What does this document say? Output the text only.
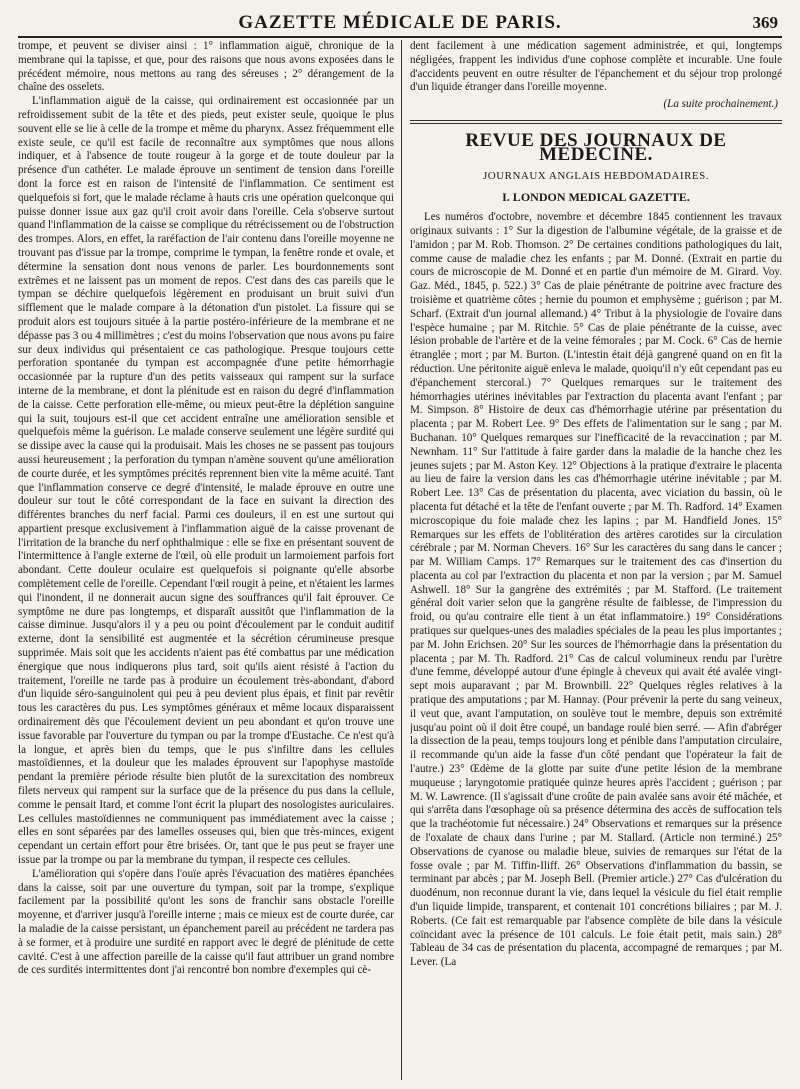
GAZETTE MÉDICALE DE PARIS.	369

trompe, et peuvent se diviser ainsi : 1° inflammation aiguë, chronique de la membrane qui la tapisse, et que, pour des raisons que nous avons exposées dans le précédent mémoire, nous mettons au rang des séreuses ; 2° dérangement de la chaîne des osselets.

L'inflammation aiguë de la caisse, qui ordinairement est occasionnée par un refroidissement subit de la tête et des pieds, peut exister seule, quoique le plus souvent elle se lie à celle de la trompe et même du pharynx. Assez fréquemment elle existe seule, ce qu'il est facile de reconnaître aux symptômes que nous allons indiquer, et à l'absence de toute rougeur à la gorge et de toute douleur par la présence d'un cathéter. Le malade éprouve un sentiment de tension dans l'oreille dont la force est en raison de l'intensité de l'inflammation. Ce sentiment est quelquefois si fort, que le malade réclame à hauts cris une opération quelconque qui puisse donner issue aux gaz qu'il croit avoir dans l'oreille. Cela s'observe surtout quand l'inflammation de la caisse se complique du rétrécissement ou de l'obstruction des trompes. Alors, en effet, la raréfaction de l'air contenu dans l'oreille moyenne ne trouvant pas d'issue par la trompe, comprime le tympan, la fenêtre ronde et ovale, et détermine la sensation dont nous venons de parler. Les bourdonnements sont extrêmes et ne laissent pas un moment de repos. C'est dans des cas pareils que le tympan se déchire quelquefois légèrement en produisant un bruit suivi d'un sifflement que le malade compare à la détonation d'un pistolet. La fissure qui se produit alors est toujours située à la partie postéro-inférieure de la membrane et ne dépasse pas 3 ou 4 millimètres ; c'est du moins l'observation que nous avons pu faire sur deux individus qui présentaient ce cas pathologique. Presque toujours cette perforation spontanée du tympan est accompagnée d'une petite hémorrhagie occasionnée par la rupture d'un des petits vaisseaux qui rampent sur la surface interne de la membrane, et dont la plénitude est en raison du degré d'inflammation de la caisse. Cette perforation elle-même, ou mieux peut-être la déplétion sanguine qui la suit, toujours est-il que cet accident entraîne une amélioration sensible et quelquefois même la guérison. Le malade conserve seulement une légère surdité qui se dissipe avec la cause qui la produisait. Mais les choses ne se passent pas toujours aussi heureusement ; la perforation du tympan n'amène souvent qu'une amélioration de courte durée, et les symptômes précités reprennent bien vite la même acuité. Tant que l'inflammation conserve ce degré d'intensité, le malade éprouve en outre une douleur sur tout le côté correspondant de la face en suivant la direction des différentes branches du nerf facial. Parmi ces douleurs, il en est une surtout qui appartient presque exclusivement à l'inflammation aiguë de la caisse provenant de l'irritation de la branche du nerf ophthalmique : elle se fixe en présentant souvent de l'intermittence à l'angle externe de l'œil, où elle produit un larmoiement parfois fort abondant. Cette douleur oculaire est quelquefois si poignante qu'elle absorbe complètement celle de l'oreille. Cependant l'œil rougit à peine, et n'étaient les larmes qui l'inondent, il ne donnerait aucun signe des souffrances qu'il fait éprouver. Ce symptôme ne dure pas longtemps, et disparaît aussitôt que l'inflammation de la caisse diminue. Jusqu'alors il y a peu ou point d'écoulement par le conduit auditif externe, dont la sensibilité est augmentée et la sécrétion cérumineuse presque supprimée. Mais soit que les accidents n'aient pas été combattus par une médication énergique que nous indiquerons plus tard, soit qu'ils aient résisté à l'action du traitement, l'oreille ne tarde pas à produire un écoulement très-abondant, d'abord d'un liquide séro-sanguinolent qui peu à peu devient plus épais, et finit par revêtir tous les caractères du pus. Les symptômes généraux et même locaux disparaissent ordinairement dès que l'écoulement devient un peu abondant et qu'on trouve une issue favorable par l'ouverture du tympan ou par la trompe d'Eustache. Ce n'est qu'à la longue, et après bien du temps, que le pus s'infiltre dans les cellules mastoïdiennes, et la douleur que les malades éprouvent sur l'apophyse mastoïde pendant la première période résulte bien plutôt de la surexcitation des nombreux filets nerveux qui rampent sur la surface que de la présence du pus dans la cellule, comme le pensait Itard, et comme l'ont écrit la plupart des nosologistes auriculaires. Les cellules mastoïdiennes ne communiquent pas immédiatement avec la caisse ; elles en sont séparées par des lamelles osseuses qui, bien que très-minces, exigent cependant un certain effort pour être brisées. Or, tant que le pus peut se frayer une issue par la trompe ou par la membrane du tympan, il respecte ces cellules.

L'amélioration qui s'opère dans l'ouïe après l'évacuation des matières épanchées dans la caisse, soit par une ouverture du tympan, soit par la trompe, s'explique facilement par la possibilité qu'ont les sons de franchir sans obstacle l'oreille moyenne, et d'arriver jusqu'à l'oreille interne ; mais ce mieux est de courte durée, car la maladie de la caisse persistant, un épanchement pareil au précédent ne tardera pas à se former, et à produire une surdité en rapport avec le degré de plénitude de cette cavité. C'est à une affection pareille de la caisse qu'il faut attribuer un grand nombre de ces surdités intermittentes dont j'ai rencontré bon nombre d'exemples qui cè-

dent facilement à une médication sagement administrée, et qui, longtemps négligées, frappent les individus d'une cophose complète et incurable. Une foule d'accidents peuvent en outre résulter de l'épanchement et du séjour trop prolongé d'un liquide étranger dans l'oreille moyenne.

(La suite prochainement.)
REVUE DES JOURNAUX DE MÉDECINE.
JOURNAUX ANGLAIS HEBDOMADAIRES.
I. LONDON MEDICAL GAZETTE.

Les numéros d'octobre, novembre et décembre 1845 contiennent les travaux originaux suivants : 1° Sur la digestion de l'albumine végétale, de la graisse et de l'amidon ; par M. Rob. Thomson. 2° De certaines conditions pathologiques du lait, comme cause de maladie chez les enfants ; par M. Donné. (Extrait en partie du cours de microscopie de M. Donné et en partie d'un mémoire de M. Girard. Voy. Gaz. Méd., 1845, p. 522.) 3° Cas de plaie pénétrante de poitrine avec fracture des troisième et quatrième côtes ; hernie du poumon et emphysème ; guérison ; par M. Scharf. (Extrait d'un journal allemand.) 4° Tribut à la physiologie de l'ovaire dans l'espèce humaine ; par M. Ritchie. 5° Cas de plaie pénétrante de la cuisse, avec lésion probable de l'artère et de la veine fémorales ; par M. Cock. 6° Cas de hernie étranglée ; mort ; par M. Burton. (L'intestin était déjà gangrené quand on en fit la réduction. Une péritonite aiguë enleva le malade, quoiqu'il n'y eût cependant pas eu d'épanchement stercoral.) 7° Quelques remarques sur le traitement des hémorrhagies utérines inévitables par l'extraction du placenta avant l'enfant ; par M. Simpson. 8° Histoire de deux cas d'hémorrhagie utérine par présentation du placenta ; par M. Robert Lee. 9° Des effets de l'alimentation sur le sang ; par M. Buchanan. 10° Quelques remarques sur l'inefficacité de la revaccination ; par M. Newnham. 11° Sur l'attitude à faire garder dans la maladie de la hanche chez les jeunes sujets ; par M. Aston Key. 12° Objections à la pratique d'extraire le placenta au lieu de faire la version dans les cas d'hémorrhagie utérine inévitable ; par M. Robert Lee. 13° Cas de présentation du placenta, avec viciation du bassin, où le placenta fut détaché et la tête de l'enfant ouverte ; par M. Th. Radford. 14° Examen microscopique du foie malade chez les lapins ; par M. Handfield Jones. 15° Remarques sur les effets de l'oblitération des artères carotides sur la circulation cérébrale ; par M. Norman Chevers. 16° Sur les caractères du sang dans le cancer ; par M. William Camps. 17° Remarques sur le traitement des cas d'insertion du placenta au col par l'extraction du placenta et non par la version ; par M. Samuel Ashwell. 18° Sur la gangrène des extrémités ; par M. Stafford. (Le traitement général doit varier selon que la gangrène résulte de faiblesse, de l'impression du froid, ou qu'au contraire elle tient à un état inflammatoire.) 19° Considérations pratiques sur quelques-unes des maladies spéciales de la peau les plus importantes ; par M. John Erichsen. 20° Sur les sources de l'hémorrhagie dans la présentation du placenta ; par M. Th. Radford. 21° Cas de calcul volumineux rendu par l'urètre d'une femme, développé autour d'une épingle à cheveux qui avait été avalée vingt-sept mois auparavant ; par M. Brownbill. 22° Quelques règles relatives à la pratique des amputations ; par M. Hannay. (Pour prévenir la perte du sang veineux, il veut que, avant l'amputation, on soulève tout le membre, depuis son extrémité jusqu'au point où il doit être coupé, un bandage roulé bien serré. — Afin d'abréger la dissection de la peau, temps toujours long et pénible dans l'amputation circulaire, il recommande qu'un aide la fasse d'un côté pendant que l'opérateur la fait de l'autre.) 23° Œdème de la glotte par suite d'une petite lésion de la membrane muqueuse ; laryngotomie pratiquée quinze heures après l'accident ; guérison ; par M. W. Lawrence. (Il s'agissait d'une croûte de pain avalée sans avoir été mâchée, et qui s'arrêta dans l'œsophage où sa présence détermina des accès de suffocation tels que la trachéotomie fut nécessaire.) 24° Observations et remarques sur la présence de l'oxalate de chaux dans l'urine ; par M. Stallard. (Article non terminé.) 25° Observations de cyanose ou maladie bleue, suivies de remarques sur l'état de la fosse ovale ; par M. Tiffin-Iliff. 26° Observations d'inflammation du bassin, se terminant par abcès ; par M. Joseph Bell. (Premier article.) 27° Cas d'ulcération du duodénum, non reconnue durant la vie, dans lequel la vésicule du fiel était remplie d'un liquide limpide, transparent, et contenait 101 concrétions biliaires ; par M. J. Roberts. (Ce fait est remarquable par l'absence complète de bile dans la vésicule coïncidant avec la présence de 101 calculs. Le foie était petit, mais sain.) 28° Tableau de 34 cas de présentation du placenta, accompagné de remarques ; par M. Lever. (La
